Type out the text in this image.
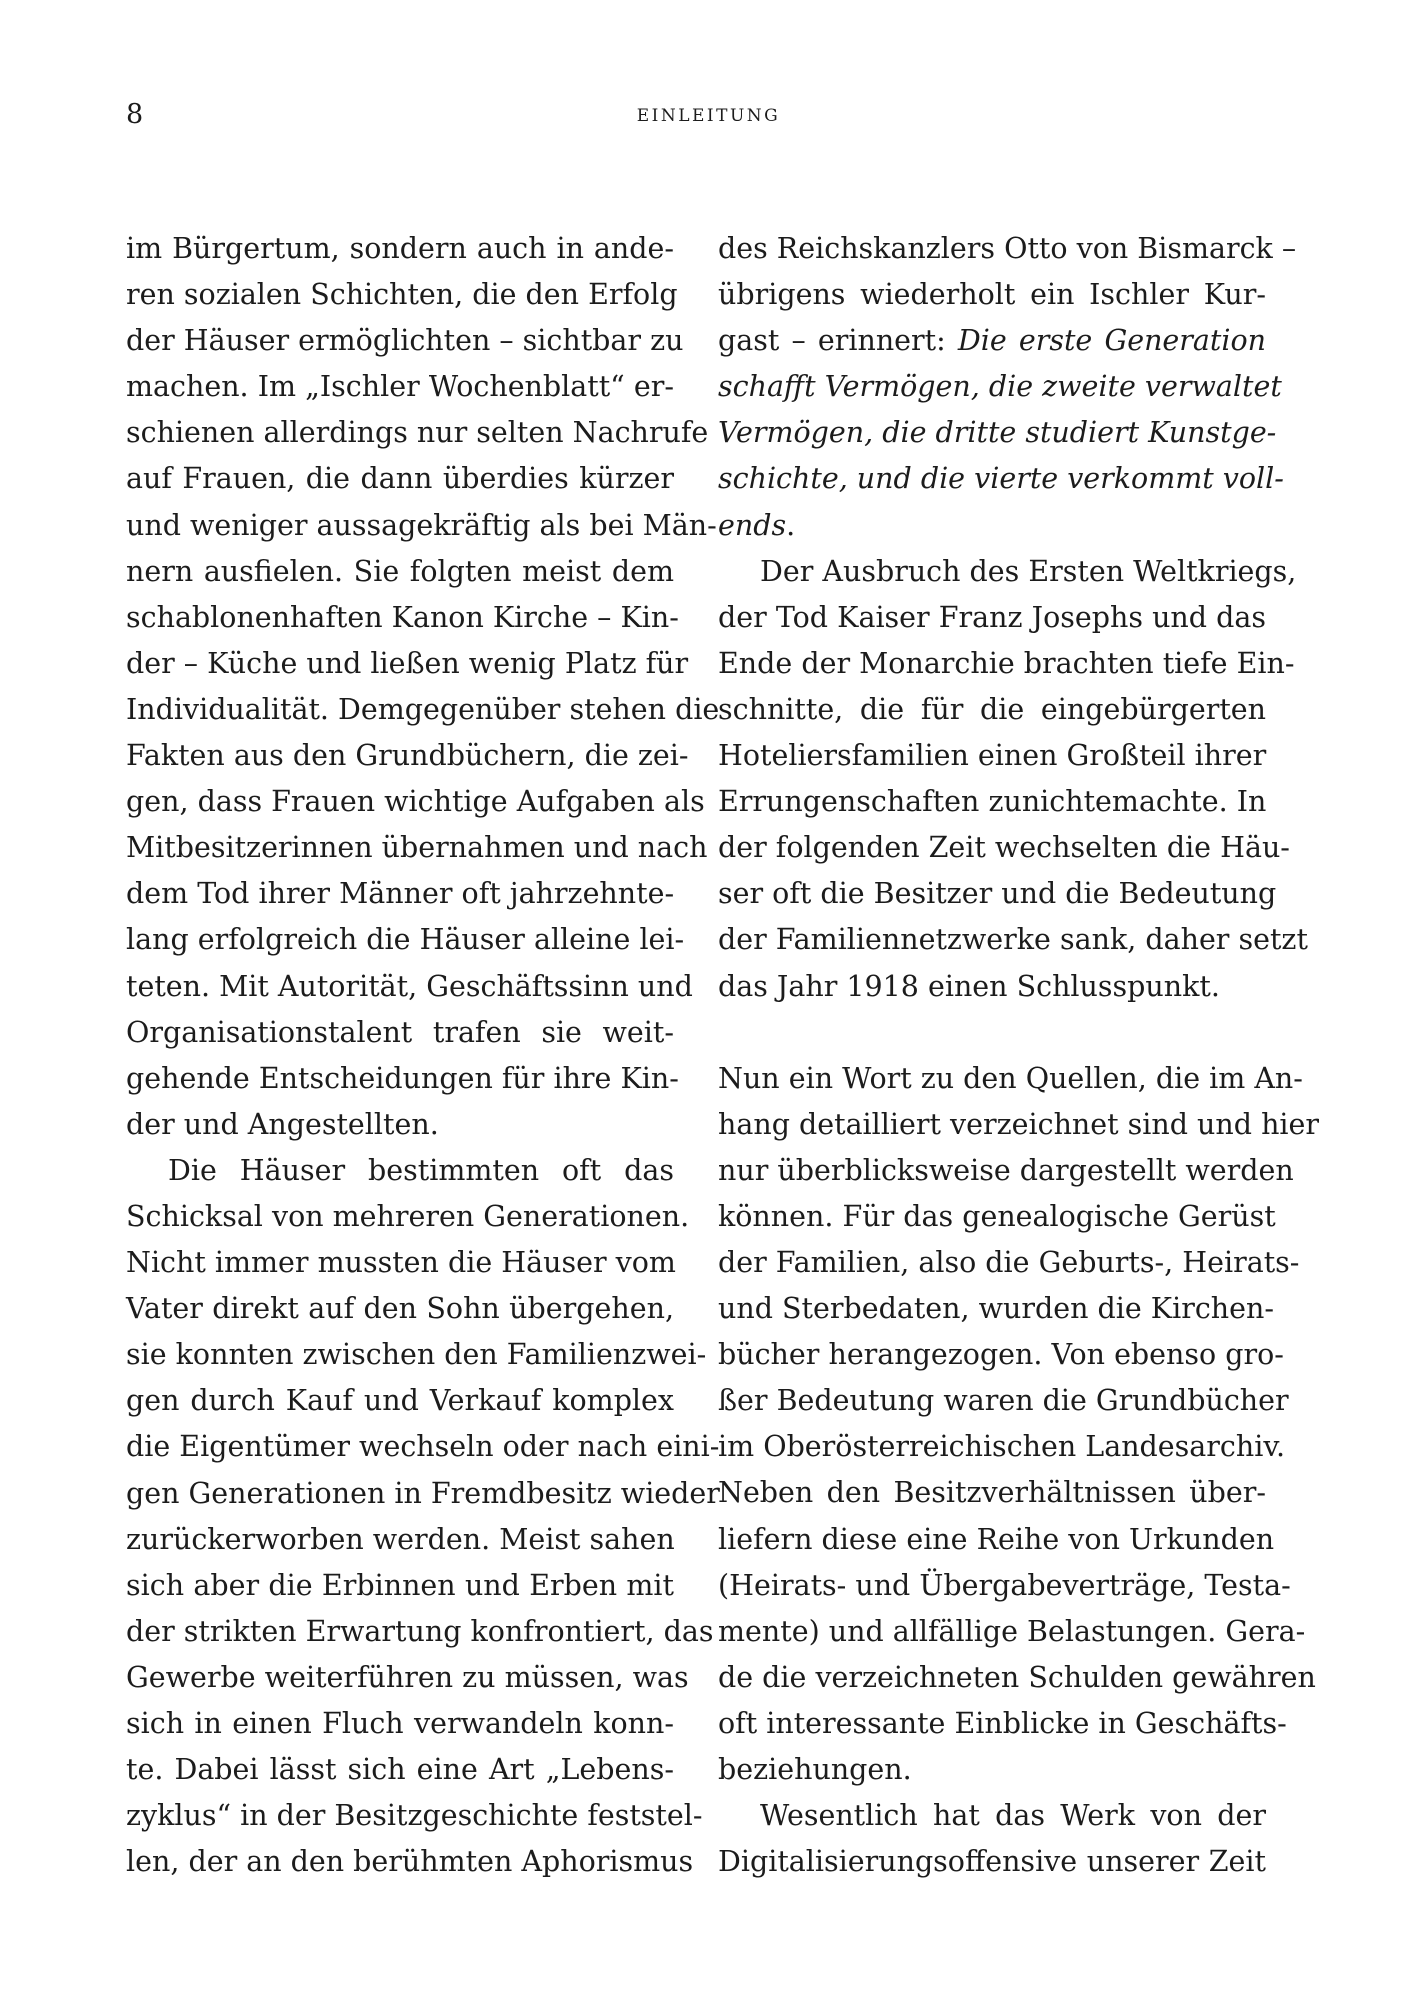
8	EINLEITUNG
im Bürgertum, sondern auch in ande-
ren sozialen Schichten, die den Erfolg
der Häuser ermöglichten – sichtbar zu
machen. Im „Ischler Wochenblatt“ er-
schienen allerdings nur selten Nachrufe
auf Frauen, die dann überdies kürzer
und weniger aussagekräftig als bei Män-
nern ausfielen. Sie folgten meist dem
schablonenhaften Kanon Kirche – Kin-
der – Küche und ließen wenig Platz für
Individualität. Demgegenüber stehen die
Fakten aus den Grundbüchern, die zei-
gen, dass Frauen wichtige Aufgaben als
Mitbesitzerinnen übernahmen und nach
dem Tod ihrer Männer oft jahrzehnte-
lang erfolgreich die Häuser alleine lei-
teten. Mit Autorität, Geschäftssinn und
Organisationstalent trafen sie weit-
gehende Entscheidungen für ihre Kin-
der und Angestellten.
Die Häuser bestimmten oft das
Schicksal von mehreren Generationen.
Nicht immer mussten die Häuser vom
Vater direkt auf den Sohn übergehen,
sie konnten zwischen den Familienzwei-
gen durch Kauf und Verkauf komplex
die Eigentümer wechseln oder nach eini-
gen Generationen in Fremdbesitz wieder
zurückerworben werden. Meist sahen
sich aber die Erbinnen und Erben mit
der strikten Erwartung konfrontiert, das
Gewerbe weiterführen zu müssen, was
sich in einen Fluch verwandeln konn-
te. Dabei lässt sich eine Art „Lebens-
zyklus“ in der Besitzgeschichte feststel-
len, der an den berühmten Aphorismus
des Reichskanzlers Otto von Bismarck –
übrigens wiederholt ein Ischler Kur-
gast – erinnert: Die erste Generation
schafft Vermögen, die zweite verwaltet
Vermögen, die dritte studiert Kunstge-
schichte, und die vierte verkommt voll-
ends.
Der Ausbruch des Ersten Weltkriegs,
der Tod Kaiser Franz Josephs und das
Ende der Monarchie brachten tiefe Ein-
schnitte, die für die eingebürgerten
Hoteliersfamilien einen Großteil ihrer
Errungenschaften zunichtemachte. In
der folgenden Zeit wechselten die Häu-
ser oft die Besitzer und die Bedeutung
der Familiennetzwerke sank, daher setzt
das Jahr 1918 einen Schlusspunkt.
Nun ein Wort zu den Quellen, die im An-
hang detailliert verzeichnet sind und hier
nur überblicksweise dargestellt werden
können. Für das genealogische Gerüst
der Familien, also die Geburts-, Heirats-
und Sterbedaten, wurden die Kirchen-
bücher herangezogen. Von ebenso gro-
ßer Bedeutung waren die Grundbücher
im Oberösterreichischen Landesarchiv.
Neben den Besitzverhältnissen über-
liefern diese eine Reihe von Urkunden
(Heirats- und Übergabeverträge, Testa-
mente) und allfällige Belastungen. Gera-
de die verzeichneten Schulden gewähren
oft interessante Einblicke in Geschäfts-
beziehungen.
Wesentlich hat das Werk von der
Digitalisierungsoffensive unserer Zeit
